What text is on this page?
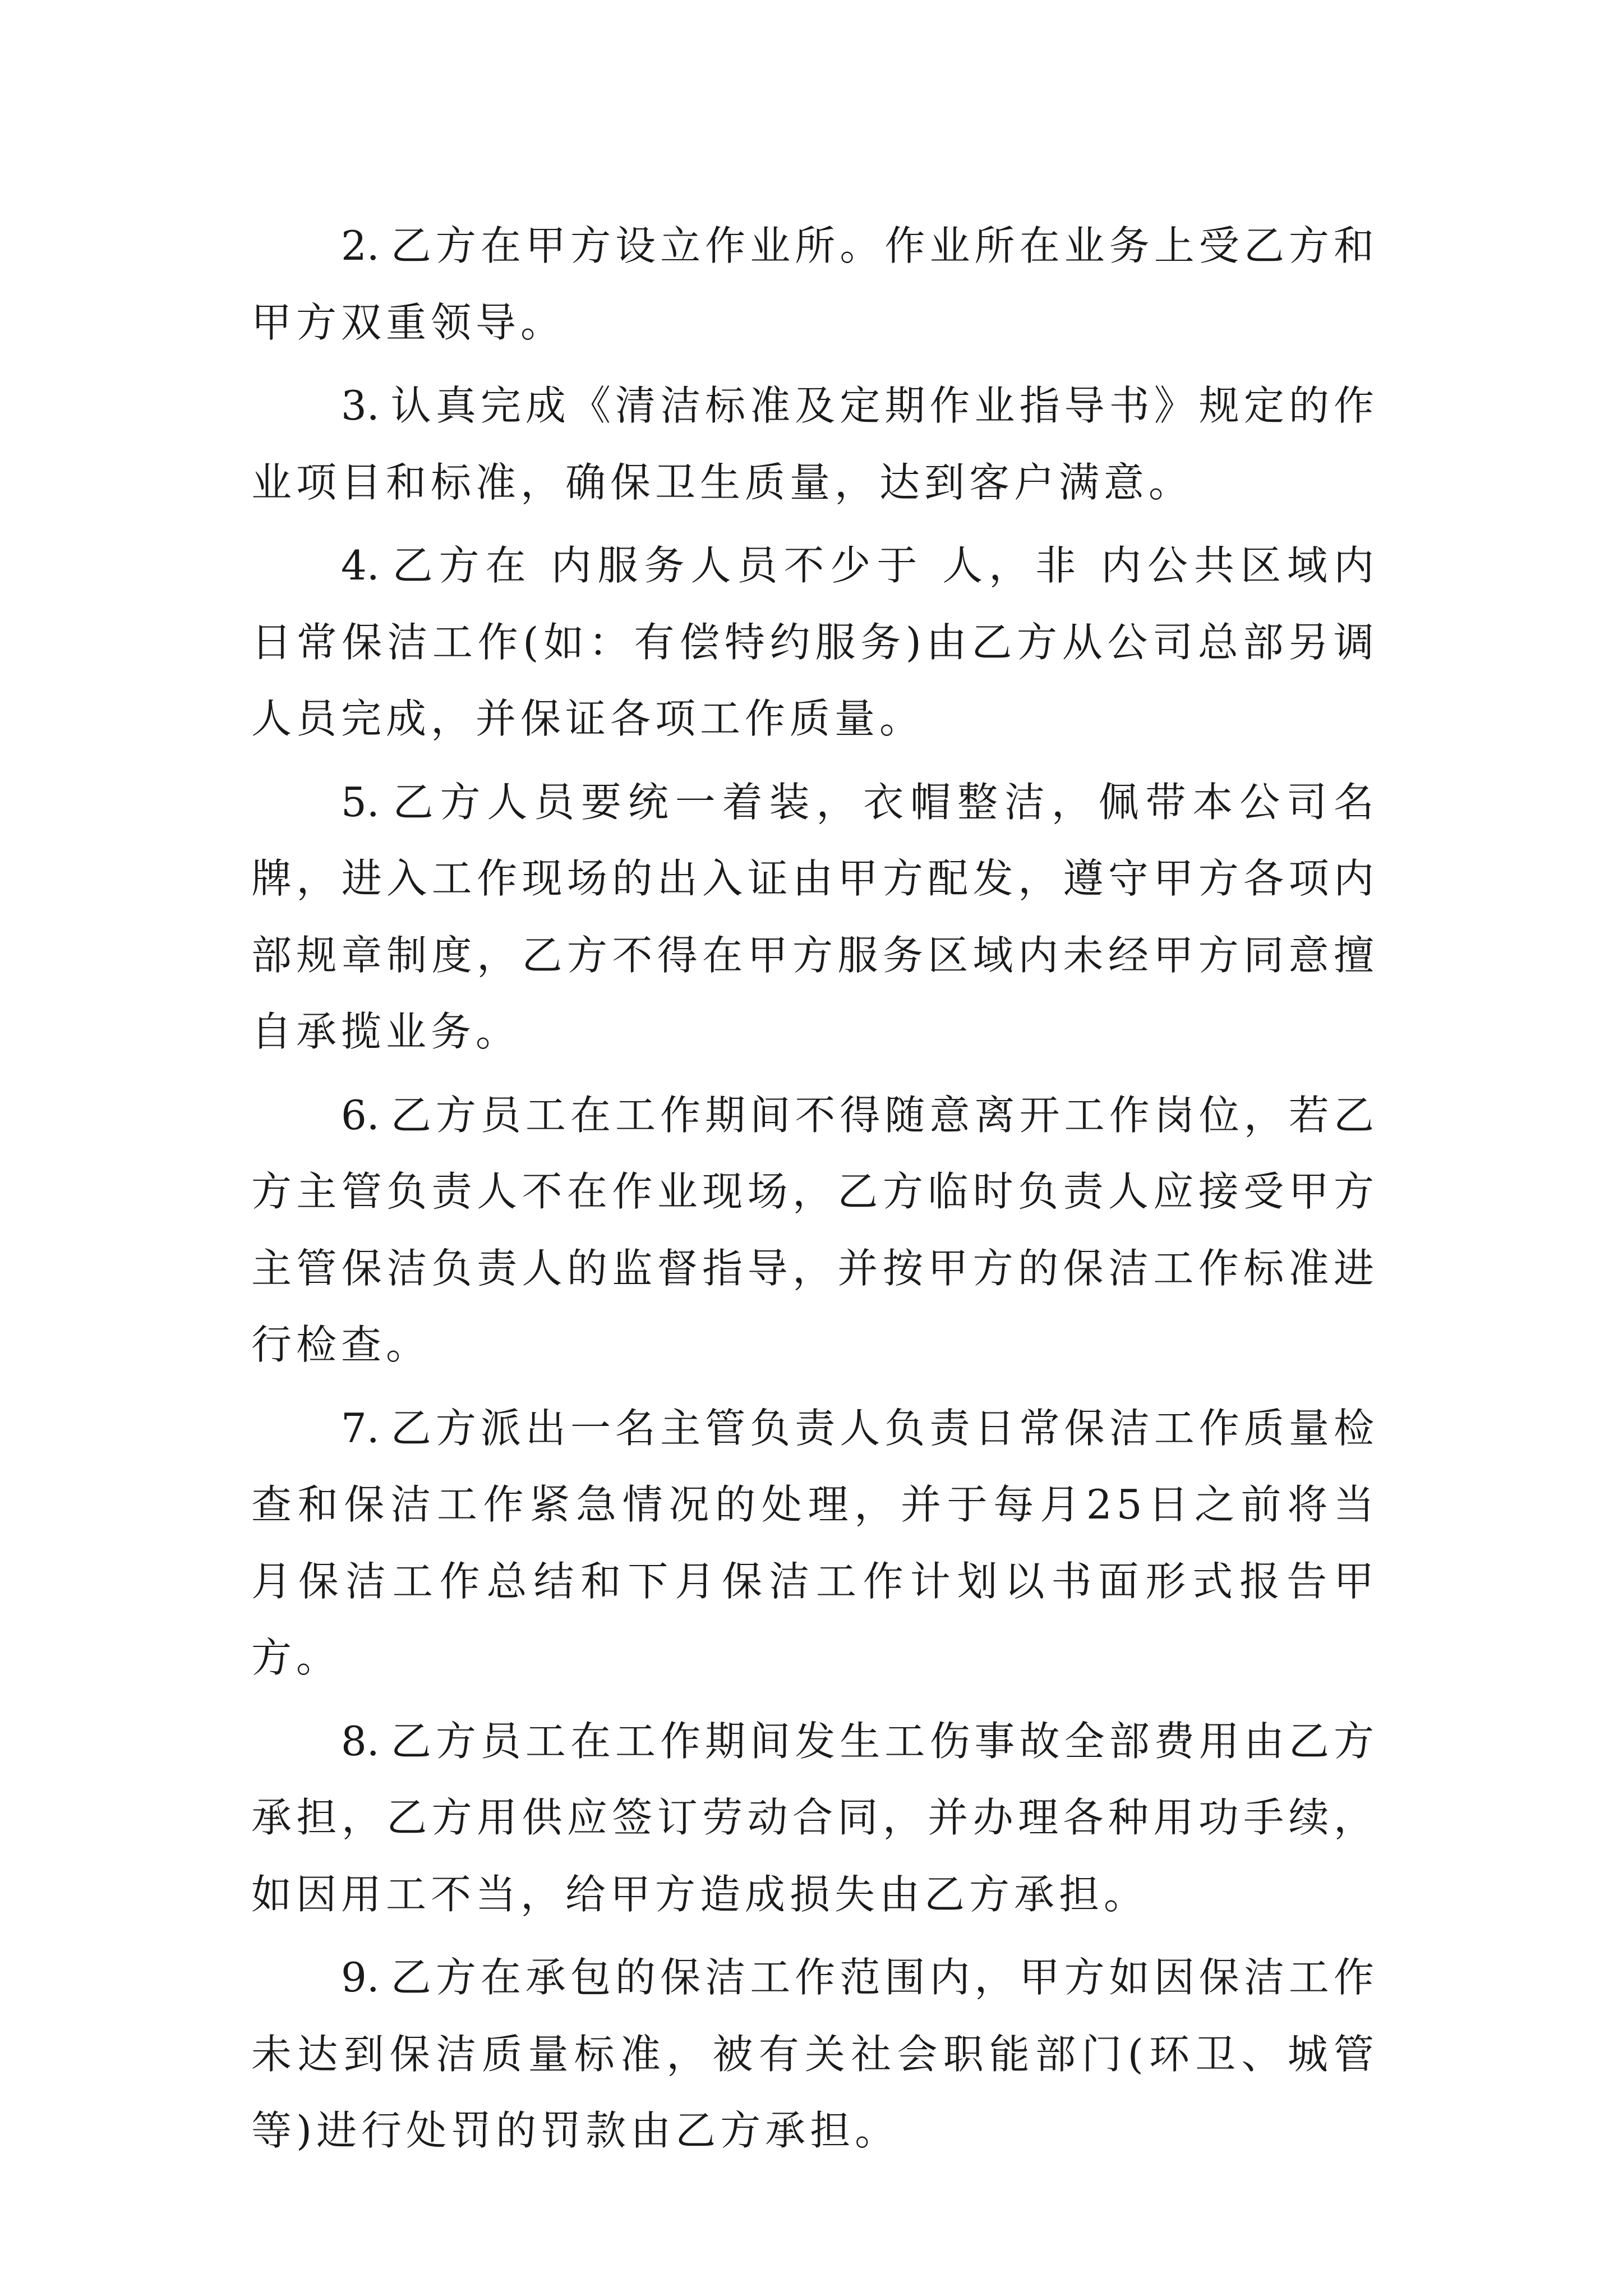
2. 乙方在甲方设立作业所。作业所在业务上受乙方和甲方双重领导。

3. 认真完成《清洁标准及定期作业指导书》规定的作业项目和标准，确保卫生质量，达到客户满意。

4. 乙方在 内服务人员不少于 人，非 内公共区域内日常保洁工作(如：有偿特约服务)由乙方从公司总部另调人员完成，并保证各项工作质量。

5. 乙方人员要统一着装，衣帽整洁，佩带本公司名牌，进入工作现场的出入证由甲方配发，遵守甲方各项内部规章制度，乙方不得在甲方服务区域内未经甲方同意擅自承揽业务。

6. 乙方员工在工作期间不得随意离开工作岗位，若乙方主管负责人不在作业现场，乙方临时负责人应接受甲方主管保洁负责人的监督指导，并按甲方的保洁工作标准进行检查。

7. 乙方派出一名主管负责人负责日常保洁工作质量检查和保洁工作紧急情况的处理，并于每月25日之前将当月保洁工作总结和下月保洁工作计划以书面形式报告甲方。

8. 乙方员工在工作期间发生工伤事故全部费用由乙方承担，乙方用供应签订劳动合同，并办理各种用功手续，如因用工不当，给甲方造成损失由乙方承担。

9. 乙方在承包的保洁工作范围内，甲方如因保洁工作未达到保洁质量标准，被有关社会职能部门(环卫、城管等)进行处罚的罚款由乙方承担。
